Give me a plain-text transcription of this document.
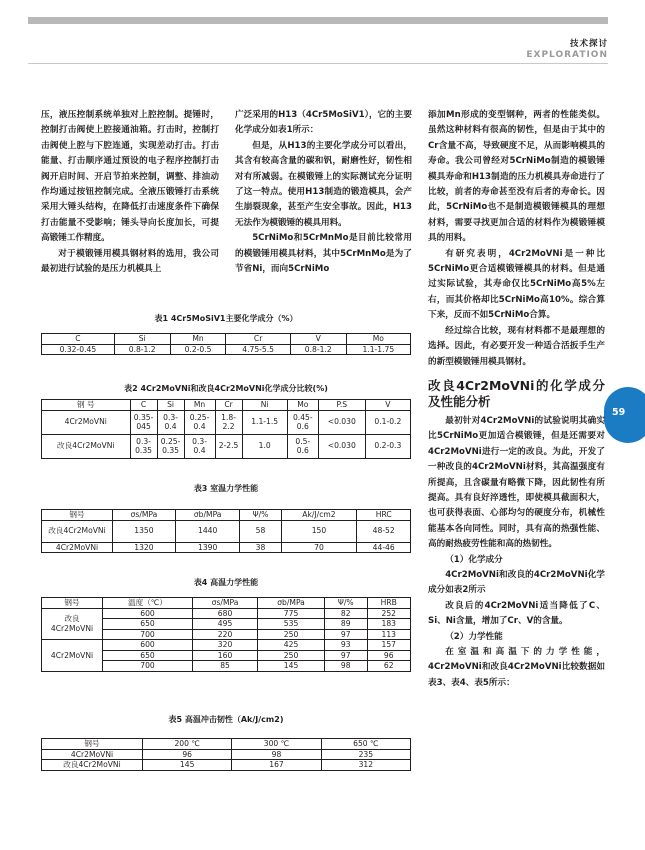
技术探讨
EXPLORATION
59

压，液压控制系统单独对上腔控制。提锤时，控制打击阀使上腔接通油箱。打击时，控制打击阀使上腔与下腔连通，实现差动打击。打击能量、打击顺序通过预设的电子程序控制打击阀开启时间、开启节拍来控制，调整、排油动作均通过按钮控制完成。全液压锻锤打击系统采用大锤头结构，在降低打击速度条件下确保打击能量不受影响；锤头导向长度加长，可提高锻锤工作精度。

对于模锻锤用模具钢材料的选用，我公司最初进行试验的是压力机模具上

广泛采用的H13（4Cr5MoSiV1），它的主要化学成分如表1所示：

但是，从H13的主要化学成分可以看出，其含有较高含量的碳和钒，耐磨性好，韧性相对有所减弱。在模锻锤上的实际测试充分证明了这一特点。使用H13制造的锻造模具，会产生崩裂现象，甚至产生安全事故。因此，H13无法作为模锻锤的模具用料。

5CrNiMo和5CrMnMo是目前比较常用的模锻锤用模具材料，其中5CrMnMo是为了节省Ni，而向5CrNiMo

添加Mn形成的变型钢种，两者的性能类似。虽然这种材料有很高的韧性，但是由于其中的Cr含量不高，导致硬度不足，从而影响模具的寿命。我公司曾经对5CrNiMo制造的模锻锤模具寿命和H13制造的压力机模具寿命进行了比较，前者的寿命甚至没有后者的寿命长。因此，5CrNiMo也不是制造模锻锤模具的理想材料，需要寻找更加合适的材料作为模锻锤模具的用料。

有研究表明，4Cr2MoVNi是一种比5CrNiMo更合适模锻锤模具的材料。但是通过实际试验，其寿命仅比5CrNiMo高5%左右，而其价格却比5CrNiMo高10%。综合算下来，反而不如5CrNiMo合算。

经过综合比较，现有材料都不是最理想的选择。因此，有必要开发一种适合活扳手生产的新型模锻锤用模具钢材。

改良4Cr2MoVNi的化学成分及性能分析

最初针对4Cr2MoVNi的试验说明其确实比5CrNiMo更加适合模锻锤，但是还需要对4Cr2MoVNi进行一定的改良。为此，开发了一种改良的4Cr2MoVNi材料，其高温强度有所提高，且含碳量有略微下降，因此韧性有所提高。具有良好淬透性，即使模具截面积大，也可获得表面、心部均匀的硬度分布，机械性能基本各向同性。同时，具有高的热强性能、高的耐热疲劳性能和高的热韧性。

（1）化学成分

4Cr2MoVNi和改良的4Cr2MoVNi化学成分如表2所示

改良后的4Cr2MoVNi适当降低了C、Si、Ni含量，增加了Cr、V的含量。

（2）力学性能

在室温和高温下的力学性能，4Cr2MoVNi和改良4Cr2MoVNi比较数据如表3、表4、表5所示：

表1 4Cr5MoSiV1主要化学成分（%）
C	Si	Mn	Cr	V	Mo
0.32-0.45	0.8-1.2	0.2-0.5	4.75-5.5	0.8-1.2	1.1-1.75
表2 4Cr2MoVNi和改良4Cr2MoVNi化学成分比较(%)
钢 号	C	Si	Mn	Cr	Ni	Mo	P.S	V
4Cr2MoVNi	0.35-045	0.3-0.4	0.25-0.4	1.8-2.2	1.1-1.5	0.45-0.6	<0.030	0.1-0.2
改良4Cr2MoVNi	0.3-0.35	0.25-0.35	0.3-0.4	2-2.5	1.0	0.5-0.6	<0.030	0.2-0.3
表3 室温力学性能
钢号	σs/MPa	σb/MPa	Ψ/%	Ak/J/cm2	HRC
改良4Cr2MoVNi	1350	1440	58	150	48-52
4Cr2MoVNi	1320	1390	38	70	44-46
表4 高温力学性能
钢号	温度（℃）	σs/MPa	σb/MPa	Ψ/%	HRB
改良4Cr2MoVNi	600	680	775	82	252
	650	495	535	89	183
	700	220	250	97	113
4Cr2MoVNi	600	320	425	93	157
	650	160	250	97	96
	700	85	145	98	62
表5 高温冲击韧性（Ak/J/cm2)
钢号	200 ℃	300 ℃	650 ℃
4Cr2MoVNi	96	98	235
改良4Cr2MoVNi	145	167	312
